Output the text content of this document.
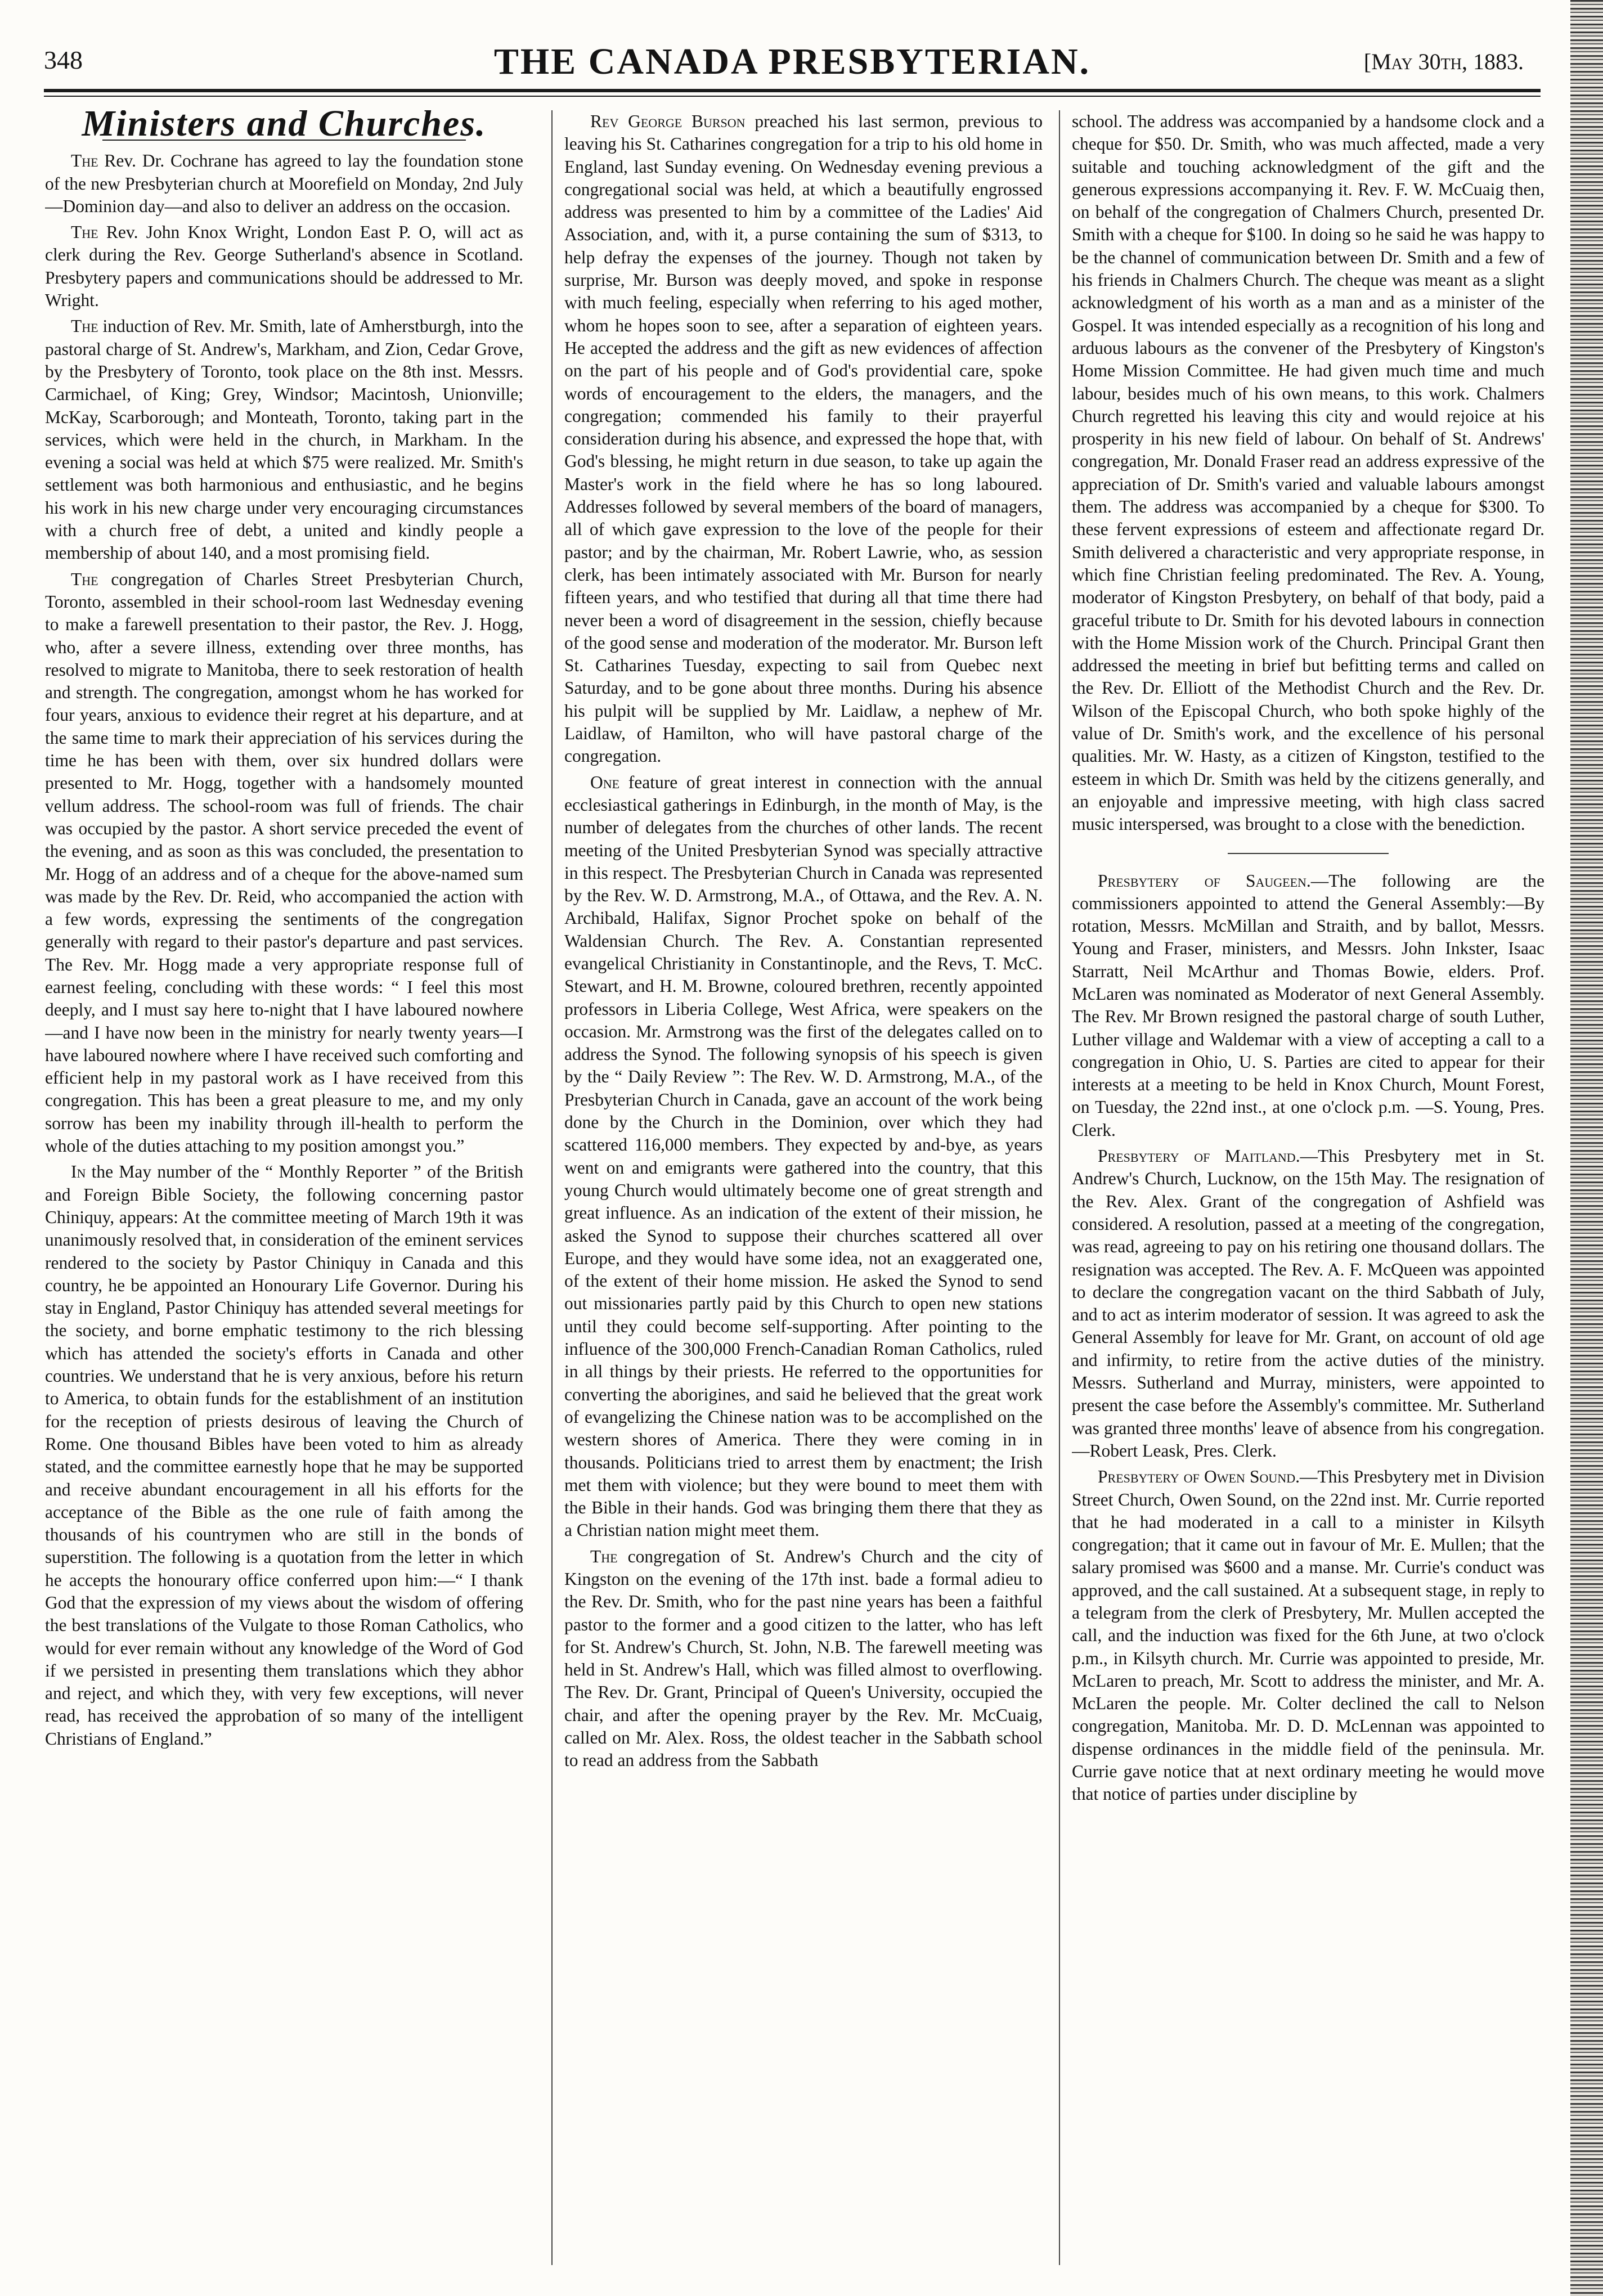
348	THE CANADA PRESBYTERIAN.	[May 30th, 1883.
Ministers and Churches.

The Rev. Dr. Cochrane has agreed to lay the foundation stone of the new Presbyterian church at Moorefield on Monday, 2nd July—Dominion day—and also to deliver an address on the occasion.

The Rev. John Knox Wright, London East P. O, will act as clerk during the Rev. George Sutherland's absence in Scotland. Presbytery papers and communications should be addressed to Mr. Wright.

The induction of Rev. Mr. Smith, late of Amherstburgh, into the pastoral charge of St. Andrew's, Markham, and Zion, Cedar Grove, by the Presbytery of Toronto, took place on the 8th inst. Messrs. Carmichael, of King; Grey, Windsor; Macintosh, Unionville; McKay, Scarborough; and Monteath, Toronto, taking part in the services, which were held in the church, in Markham. In the evening a social was held at which $75 were realized. Mr. Smith's settlement was both harmonious and enthusiastic, and he begins his work in his new charge under very encouraging circumstances with a church free of debt, a united and kindly people a membership of about 140, and a most promising field.

The congregation of Charles Street Presbyterian Church, Toronto, assembled in their school-room last Wednesday evening to make a farewell presentation to their pastor, the Rev. J. Hogg, who, after a severe illness, extending over three months, has resolved to migrate to Manitoba, there to seek restoration of health and strength. The congregation, amongst whom he has worked for four years, anxious to evidence their regret at his departure, and at the same time to mark their appreciation of his services during the time he has been with them, over six hundred dollars were presented to Mr. Hogg, together with a handsomely mounted vellum address. The school-room was full of friends. The chair was occupied by the pastor. A short service preceded the event of the evening, and as soon as this was concluded, the presentation to Mr. Hogg of an address and of a cheque for the above-named sum was made by the Rev. Dr. Reid, who accompanied the action with a few words, expressing the sentiments of the congregation generally with regard to their pastor's departure and past services. The Rev. Mr. Hogg made a very appropriate response full of earnest feeling, concluding with these words: “ I feel this most deeply, and I must say here to-night that I have laboured nowhere—and I have now been in the ministry for nearly twenty years—I have laboured nowhere where I have received such comforting and efficient help in my pastoral work as I have received from this congregation. This has been a great pleasure to me, and my only sorrow has been my inability through ill-health to perform the whole of the duties attaching to my position amongst you.”

In the May number of the “ Monthly Reporter ” of the British and Foreign Bible Society, the following concerning pastor Chiniquy, appears: At the committee meeting of March 19th it was unanimously resolved that, in consideration of the eminent services rendered to the society by Pastor Chiniquy in Canada and this country, he be appointed an Honourary Life Governor. During his stay in England, Pastor Chiniquy has attended several meetings for the society, and borne emphatic testimony to the rich blessing which has attended the society's efforts in Canada and other countries. We understand that he is very anxious, before his return to America, to obtain funds for the establishment of an institution for the reception of priests desirous of leaving the Church of Rome. One thousand Bibles have been voted to him as already stated, and the committee earnestly hope that he may be supported and receive abundant encouragement in all his efforts for the acceptance of the Bible as the one rule of faith among the thousands of his countrymen who are still in the bonds of superstition. The following is a quotation from the letter in which he accepts the honourary office conferred upon him:—“ I thank God that the expression of my views about the wisdom of offering the best translations of the Vulgate to those Roman Catholics, who would for ever remain without any knowledge of the Word of God if we persisted in presenting them translations which they abhor and reject, and which they, with very few exceptions, will never read, has received the approbation of so many of the intelligent Christians of England.”

Rev George Burson preached his last sermon, previous to leaving his St. Catharines congregation for a trip to his old home in England, last Sunday evening. On Wednesday evening previous a congregational social was held, at which a beautifully engrossed address was presented to him by a committee of the Ladies' Aid Association, and, with it, a purse containing the sum of $313, to help defray the expenses of the journey. Though not taken by surprise, Mr. Burson was deeply moved, and spoke in response with much feeling, especially when referring to his aged mother, whom he hopes soon to see, after a separation of eighteen years. He accepted the address and the gift as new evidences of affection on the part of his people and of God's providential care, spoke words of encouragement to the elders, the managers, and the congregation; commended his family to their prayerful consideration during his absence, and expressed the hope that, with God's blessing, he might return in due season, to take up again the Master's work in the field where he has so long laboured. Addresses followed by several members of the board of managers, all of which gave expression to the love of the people for their pastor; and by the chairman, Mr. Robert Lawrie, who, as session clerk, has been intimately associated with Mr. Burson for nearly fifteen years, and who testified that during all that time there had never been a word of disagreement in the session, chiefly because of the good sense and moderation of the moderator. Mr. Burson left St. Catharines Tuesday, expecting to sail from Quebec next Saturday, and to be gone about three months. During his absence his pulpit will be supplied by Mr. Laidlaw, a nephew of Mr. Laidlaw, of Hamilton, who will have pastoral charge of the congregation.

One feature of great interest in connection with the annual ecclesiastical gatherings in Edinburgh, in the month of May, is the number of delegates from the churches of other lands. The recent meeting of the United Presbyterian Synod was specially attractive in this respect. The Presbyterian Church in Canada was represented by the Rev. W. D. Armstrong, M.A., of Ottawa, and the Rev. A. N. Archibald, Halifax, Signor Prochet spoke on behalf of the Waldensian Church. The Rev. A. Constantian represented evangelical Christianity in Constantinople, and the Revs, T. McC. Stewart, and H. M. Browne, coloured brethren, recently appointed professors in Liberia College, West Africa, were speakers on the occasion. Mr. Armstrong was the first of the delegates called on to address the Synod. The following synopsis of his speech is given by the “ Daily Review ”: The Rev. W. D. Armstrong, M.A., of the Presbyterian Church in Canada, gave an account of the work being done by the Church in the Dominion, over which they had scattered 116,000 members. They expected by and-bye, as years went on and emigrants were gathered into the country, that this young Church would ultimately become one of great strength and great influence. As an indication of the extent of their mission, he asked the Synod to suppose their churches scattered all over Europe, and they would have some idea, not an exaggerated one, of the extent of their home mission. He asked the Synod to send out missionaries partly paid by this Church to open new stations until they could become self-supporting. After pointing to the influence of the 300,000 French-Canadian Roman Catholics, ruled in all things by their priests. He referred to the opportunities for converting the aborigines, and said he believed that the great work of evangelizing the Chinese nation was to be accomplished on the western shores of America. There they were coming in in thousands. Politicians tried to arrest them by enactment; the Irish met them with violence; but they were bound to meet them with the Bible in their hands. God was bringing them there that they as a Christian nation might meet them.

The congregation of St. Andrew's Church and the city of Kingston on the evening of the 17th inst. bade a formal adieu to the Rev. Dr. Smith, who for the past nine years has been a faithful pastor to the former and a good citizen to the latter, who has left for St. Andrew's Church, St. John, N.B. The farewell meeting was held in St. Andrew's Hall, which was filled almost to overflowing. The Rev. Dr. Grant, Principal of Queen's University, occupied the chair, and after the opening prayer by the Rev. Mr. McCuaig, called on Mr. Alex. Ross, the oldest teacher in the Sabbath school to read an address from the Sabbath

school. The address was accompanied by a handsome clock and a cheque for $50. Dr. Smith, who was much affected, made a very suitable and touching acknowledgment of the gift and the generous expressions accompanying it. Rev. F. W. McCuaig then, on behalf of the congregation of Chalmers Church, presented Dr. Smith with a cheque for $100. In doing so he said he was happy to be the channel of communication between Dr. Smith and a few of his friends in Chalmers Church. The cheque was meant as a slight acknowledgment of his worth as a man and as a minister of the Gospel. It was intended especially as a recognition of his long and arduous labours as the convener of the Presbytery of Kingston's Home Mission Committee. He had given much time and much labour, besides much of his own means, to this work. Chalmers Church regretted his leaving this city and would rejoice at his prosperity in his new field of labour. On behalf of St. Andrews' congregation, Mr. Donald Fraser read an address expressive of the appreciation of Dr. Smith's varied and valuable labours amongst them. The address was accompanied by a cheque for $300. To these fervent expressions of esteem and affectionate regard Dr. Smith delivered a characteristic and very appropriate response, in which fine Christian feeling predominated. The Rev. A. Young, moderator of Kingston Presbytery, on behalf of that body, paid a graceful tribute to Dr. Smith for his devoted labours in connection with the Home Mission work of the Church. Principal Grant then addressed the meeting in brief but befitting terms and called on the Rev. Dr. Elliott of the Methodist Church and the Rev. Dr. Wilson of the Episcopal Church, who both spoke highly of the value of Dr. Smith's work, and the excellence of his personal qualities. Mr. W. Hasty, as a citizen of Kingston, testified to the esteem in which Dr. Smith was held by the citizens generally, and an enjoyable and impressive meeting, with high class sacred music interspersed, was brought to a close with the benediction.

Presbytery of Saugeen.—The following are the commissioners appointed to attend the General Assembly:—By rotation, Messrs. McMillan and Straith, and by ballot, Messrs. Young and Fraser, ministers, and Messrs. John Inkster, Isaac Starratt, Neil McArthur and Thomas Bowie, elders. Prof. McLaren was nominated as Moderator of next General Assembly. The Rev. Mr Brown resigned the pastoral charge of south Luther, Luther village and Waldemar with a view of accepting a call to a congregation in Ohio, U. S. Parties are cited to appear for their interests at a meeting to be held in Knox Church, Mount Forest, on Tuesday, the 22nd inst., at one o'clock p.m. —S. Young, Pres. Clerk.

Presbytery of Maitland.—This Presbytery met in St. Andrew's Church, Lucknow, on the 15th May. The resignation of the Rev. Alex. Grant of the congregation of Ashfield was considered. A resolution, passed at a meeting of the congregation, was read, agreeing to pay on his retiring one thousand dollars. The resignation was accepted. The Rev. A. F. McQueen was appointed to declare the congregation vacant on the third Sabbath of July, and to act as interim moderator of session. It was agreed to ask the General Assembly for leave for Mr. Grant, on account of old age and infirmity, to retire from the active duties of the ministry. Messrs. Sutherland and Murray, ministers, were appointed to present the case before the Assembly's committee. Mr. Sutherland was granted three months' leave of absence from his congregation.—Robert Leask, Pres. Clerk.

Presbytery of Owen Sound.—This Presbytery met in Division Street Church, Owen Sound, on the 22nd inst. Mr. Currie reported that he had moderated in a call to a minister in Kilsyth congregation; that it came out in favour of Mr. E. Mullen; that the salary promised was $600 and a manse. Mr. Currie's conduct was approved, and the call sustained. At a subsequent stage, in reply to a telegram from the clerk of Presbytery, Mr. Mullen accepted the call, and the induction was fixed for the 6th June, at two o'clock p.m., in Kilsyth church. Mr. Currie was appointed to preside, Mr. McLaren to preach, Mr. Scott to address the minister, and Mr. A. McLaren the people. Mr. Colter declined the call to Nelson congregation, Manitoba. Mr. D. D. McLennan was appointed to dispense ordinances in the middle field of the peninsula. Mr. Currie gave notice that at next ordinary meeting he would move that notice of parties under discipline by
